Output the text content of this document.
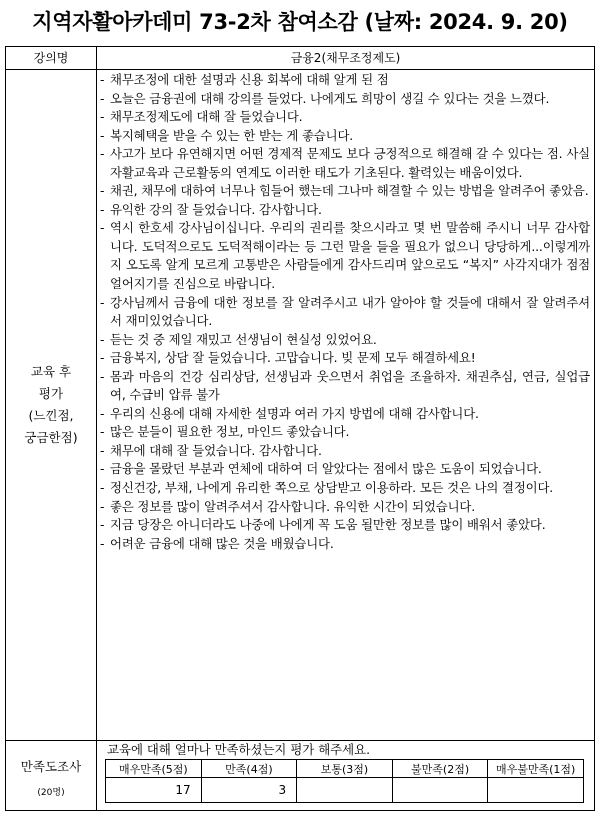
지역자활아카데미 73-2차 참여소감 (날짜: 2024. 9. 20)
강의명	금융2(채무조정제도)
교육 후
평가
(느낀점,
궁금한점)
- 채무조정에 대한 설명과 신용 회복에 대해 알게 된 점
- 오늘은 금융권에 대해 강의를 들었다. 나에게도 희망이 생길 수 있다는 것을 느꼈다.
- 채무조정제도에 대해 잘 들었습니다.
- 복지혜택을 받을 수 있는 한 받는 게 좋습니다.
- 사고가 보다 유연해지면 어떤 경제적 문제도 보다 긍정적으로 해결해 갈 수 있다는 점. 사실 자활교육과 근로활동의 연계도 이러한 태도가 기초된다. 활력있는 배움이었다.
- 채권, 채무에 대하여 너무나 힘들어 했는데 그나마 해결할 수 있는 방법을 알려주어 좋았음.
- 유익한 강의 잘 들었습니다. 감사합니다.
- 역시 한호세 강사님이십니다. 우리의 권리를 찾으시라고 몇 번 말씀해 주시니 너무 감사합니다. 도덕적으로도 도덕적해이라는 등 그런 말을 들을 필요가 없으니 당당하게...이렇게까지 오도록 알게 모르게 고통받은 사람들에게 감사드리며 앞으로도 “복지” 사각지대가 점점 얼어지기를 진심으로 바랍니다.
- 강사님께서 금융에 대한 정보를 잘 알려주시고 내가 알아야 할 것들에 대해서 잘 알려주셔서 재미있었습니다.
- 듣는 것 중 제일 재밌고 선생님이 현실성 있었어요.
- 금융복지, 상담 잘 들었습니다. 고맙습니다. 빚 문제 모두 해결하세요!
- 몸과 마음의 건강 심리상담, 선생님과 웃으면서 취업을 조율하자. 채권추심, 연금, 실업급여, 수급비 압류 불가
- 우리의 신용에 대해 자세한 설명과 여러 가지 방법에 대해 감사합니다.
- 많은 분들이 필요한 정보, 마인드 좋았습니다.
- 채무에 대해 잘 들었습니다. 감사합니다.
- 금융을 몰랐던 부분과 연체에 대하여 더 알았다는 점에서 많은 도움이 되었습니다.
- 정신건강, 부채, 나에게 유리한 쪽으로 상담받고 이용하라. 모든 것은 나의 결정이다.
- 좋은 정보를 많이 알려주셔서 감사합니다. 유익한 시간이 되었습니다.
- 지금 당장은 아니더라도 나중에 나에게 꼭 도움 될만한 정보를 많이 배워서 좋았다.
- 어려운 금융에 대해 많은 것을 배웠습니다.
만족도조사
(20명)
교육에 대해 얼마나 만족하셨는지 평가 해주세요.
매우만족(5점)	만족(4점)	보통(3점)	불만족(2점)	매우불만족(1점)
17	3			
